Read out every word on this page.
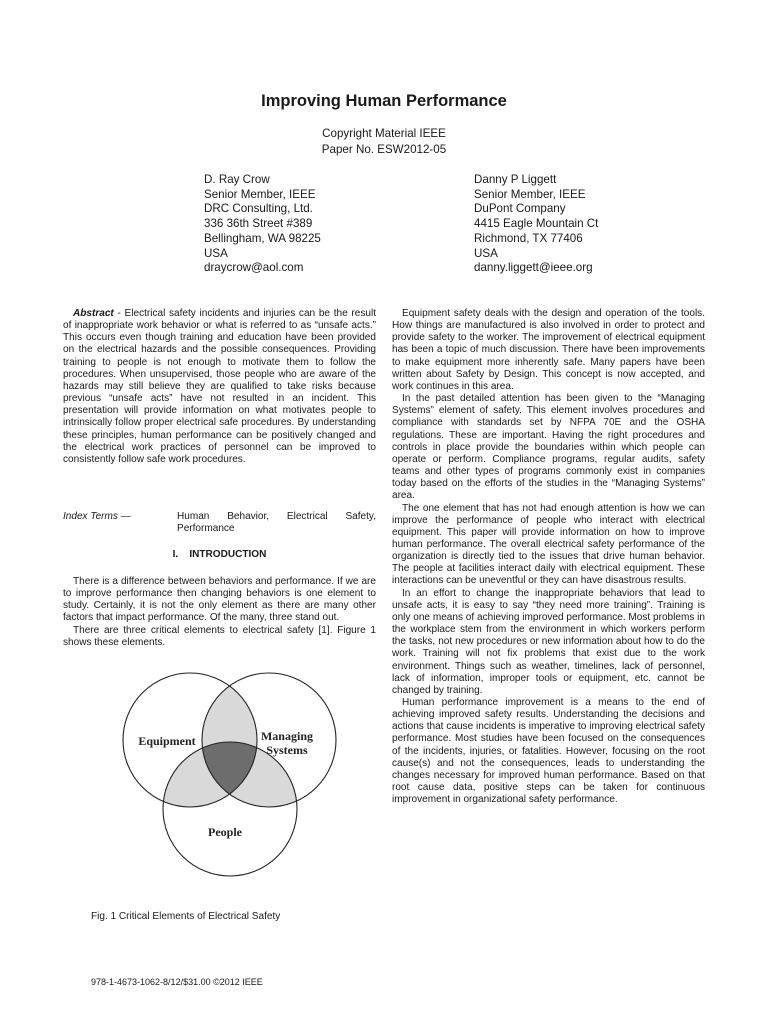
Improving Human Performance
Copyright Material IEEE
Paper No. ESW2012-05
D. Ray Crow
Senior Member, IEEE
DRC Consulting, Ltd.
336 36th Street #389
Bellingham, WA 98225
USA
draycrow@aol.com
Danny P Liggett
Senior Member, IEEE
DuPont Company
4415 Eagle Mountain Ct
Richmond, TX 77406
USA
danny.liggett@ieee.org

Abstract - Electrical safety incidents and injuries can be the result of inappropriate work behavior or what is referred to as “unsafe acts.” This occurs even though training and education have been provided on the electrical hazards and the possible consequences. Providing training to people is not enough to motivate them to follow the procedures. When unsupervised, those people who are aware of the hazards may still believe they are qualified to take risks because previous “unsafe acts” have not resulted in an incident. This presentation will provide information on what motivates people to intrinsically follow proper electrical safe procedures. By understanding these principles, human performance can be positively changed and the electrical work practices of personnel can be improved to consistently follow safe work procedures.

Index Terms —	Human Behavior, Electrical Safety, Performance
I. INTRODUCTION

There is a difference between behaviors and performance. If we are to improve performance then changing behaviors is one element to study. Certainly, it is not the only element as there are many other factors that impact performance. Of the many, three stand out.

There are three critical elements to electrical safety [1]. Figure 1 shows these elements.

Equipment	Managing
Systems
People
Fig. 1 Critical Elements of Electrical Safety

Equipment safety deals with the design and operation of the tools. How things are manufactured is also involved in order to protect and provide safety to the worker. The improvement of electrical equipment has been a topic of much discussion. There have been improvements to make equipment more inherently safe. Many papers have been written about Safety by Design. This concept is now accepted, and work continues in this area.

In the past detailed attention has been given to the “Managing Systems” element of safety. This element involves procedures and compliance with standards set by NFPA 70E and the OSHA regulations. These are important. Having the right procedures and controls in place provide the boundaries within which people can operate or perform. Compliance programs, regular audits, safety teams and other types of programs commonly exist in companies today based on the efforts of the studies in the “Managing Systems” area.

The one element that has not had enough attention is how we can improve the performance of people who interact with electrical equipment. This paper will provide information on how to improve human performance. The overall electrical safety performance of the organization is directly tied to the issues that drive human behavior. The people at facilities interact daily with electrical equipment. These interactions can be uneventful or they can have disastrous results.

In an effort to change the inappropriate behaviors that lead to unsafe acts, it is easy to say “they need more training”. Training is only one means of achieving improved performance. Most problems in the workplace stem from the environment in which workers perform the tasks, not new procedures or new information about how to do the work. Training will not fix problems that exist due to the work environment. Things such as weather, timelines, lack of personnel, lack of information, improper tools or equipment, etc. cannot be changed by training.

Human performance improvement is a means to the end of achieving improved safety results. Understanding the decisions and actions that cause incidents is imperative to improving electrical safety performance. Most studies have been focused on the consequences of the incidents, injuries, or fatalities. However, focusing on the root cause(s) and not the consequences, leads to understanding the changes necessary for improved human performance. Based on that root cause data, positive steps can be taken for continuous improvement in organizational safety performance.

978-1-4673-1062-8/12/$31.00 ©2012 IEEE
